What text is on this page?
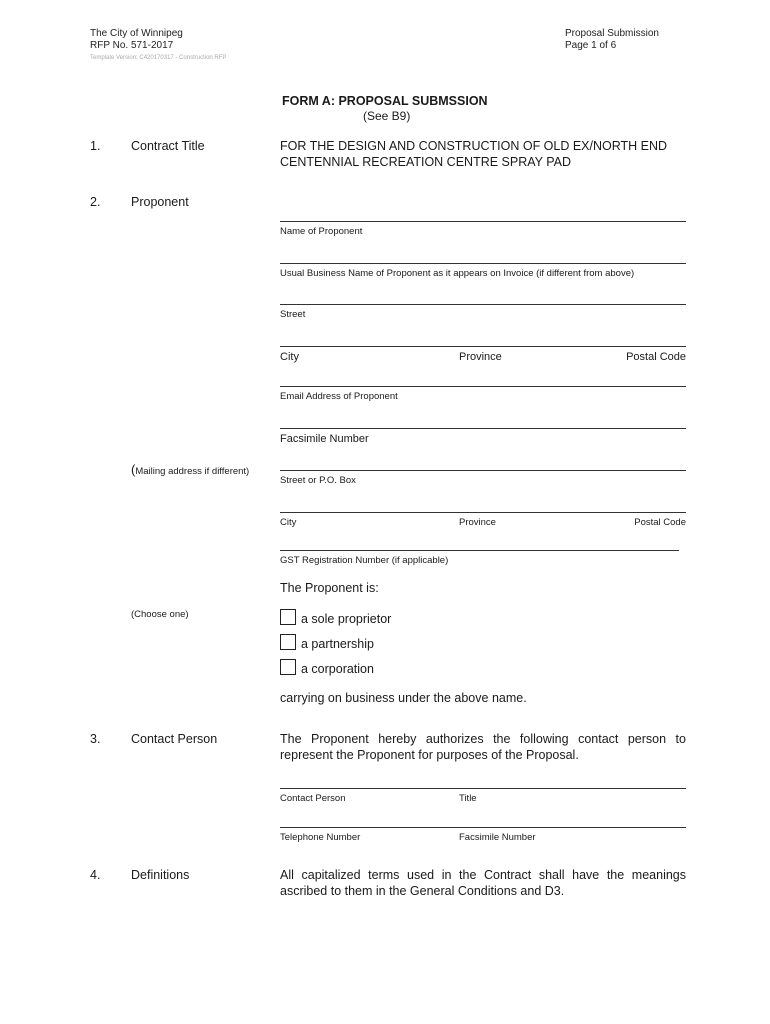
The City of Winnipeg
RFP No. 571-2017
Template Version: C420170317 - Construction RFP
Proposal Submission
Page 1 of 6
FORM A: PROPOSAL SUBMSSION
(See B9)
1. Contract Title	FOR THE DESIGN AND CONSTRUCTION OF OLD EX/NORTH END
CENTENNIAL RECREATION CENTRE SPRAY PAD
2. Proponent
Name of Proponent
Usual Business Name of Proponent as it appears on Invoice (if different from above)
Street
City	Province	Postal Code
Email Address of Proponent
Facsimile Number
(Mailing address if different)
Street or P.O. Box
City	Province	Postal Code
GST Registration Number (if applicable)
The Proponent is:
(Choose one)	a sole proprietor
a partnership
a corporation
carrying on business under the above name.
3. Contact Person	The Proponent hereby authorizes the following contact person to represent the Proponent for purposes of the Proposal.
Contact Person	Title
Telephone Number	Facsimile Number
4. Definitions	All capitalized terms used in the Contract shall have the meanings ascribed to them in the General Conditions and D3.
